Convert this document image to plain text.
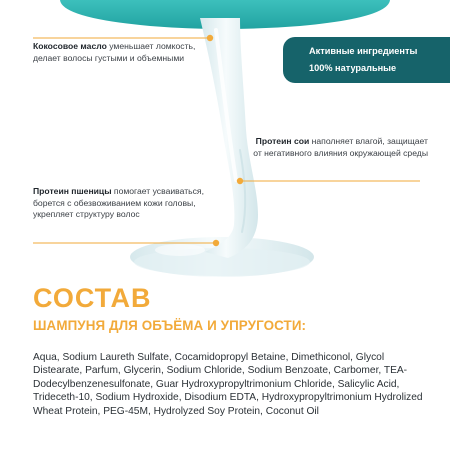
Кокосовое масло уменьшает ломкость, делает волосы густыми и объемными
Активные ингредиенты
100% натуральные
Протеин сои наполняет влагой, защищает от негативного влияния окружающей среды
Протеин пшеницы помогает усваиваться, борется с обезвоживанием кожи головы, укрепляет структуру волос
СОСТАВ
ШАМПУНЯ ДЛЯ ОБЪЁМА И УПРУГОСТИ:

Aqua, Sodium Laureth Sulfate, Cocamidopropyl Betaine, Dimethiconol, Glycol Distearate, Parfum, Glycerin, Sodium Chloride, Sodium Benzoate, Carbomer, TEA-Dodecylbenzenesulfonate, Guar Hydroxypropyltrimonium Chloride, Salicylic Acid, Trideceth-10, Sodium Hydroxide, Disodium EDTA, Hydroxypropyltrimonium Hydrolized Wheat Protein, PEG-45M, Hydrolyzed Soy Protein, Coconut Oil
